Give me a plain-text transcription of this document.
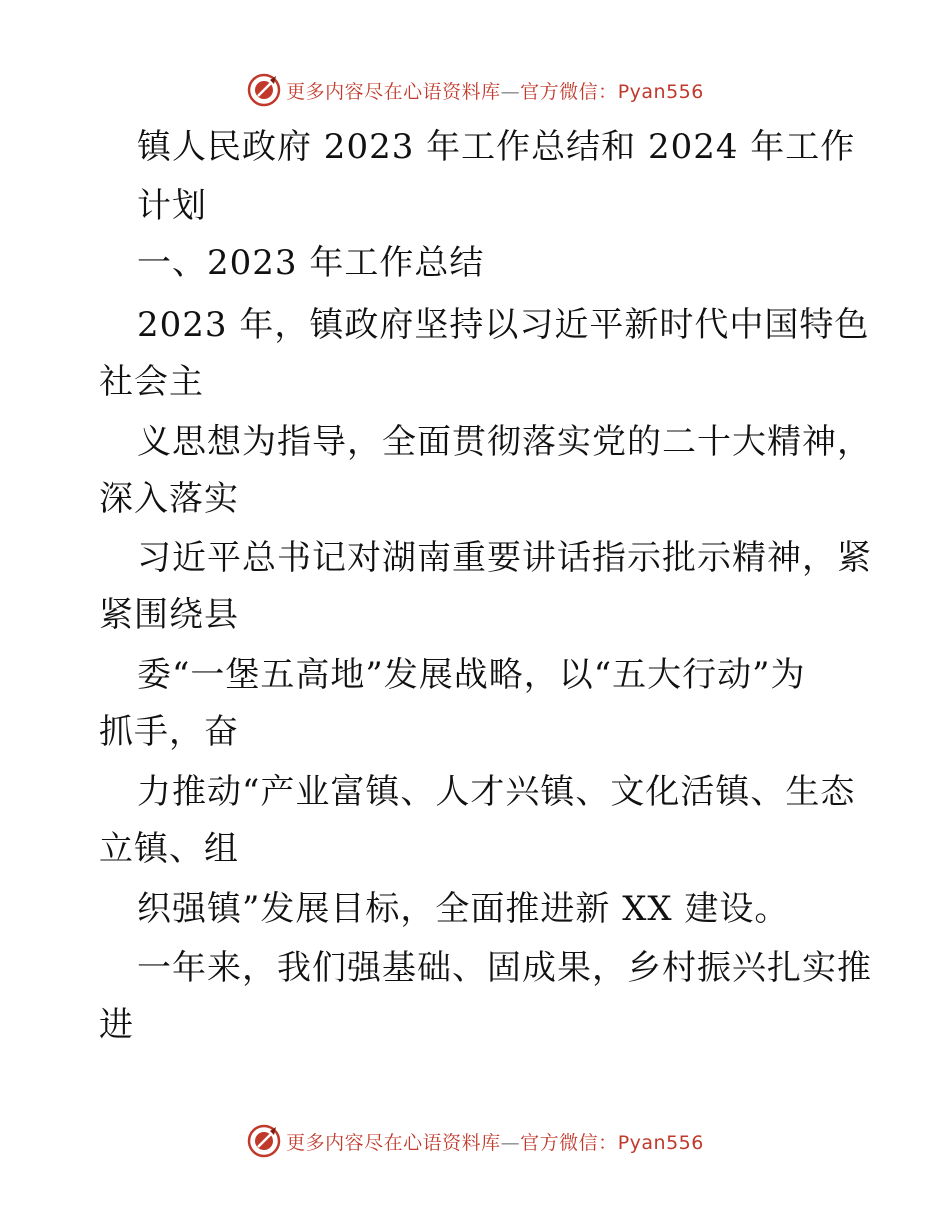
更多内容尽在心语资料库—官方微信：Pyan556
镇人民政府 2023 年工作总结和 2024 年工作
计划
一、2023 年工作总结
2023 年，镇政府坚持以习近平新时代中国特色
社会主
义思想为指导，全面贯彻落实党的二十大精神，
深入落实
习近平总书记对湖南重要讲话指示批示精神，紧
紧围绕县
委“一堡五高地”发展战略，以“五大行动”为
抓手，奋
力推动“产业富镇、人才兴镇、文化活镇、生态
立镇、组
织强镇”发展目标，全面推进新 XX 建设。
一年来，我们强基础、固成果，乡村振兴扎实推
进
更多内容尽在心语资料库—官方微信：Pyan556
